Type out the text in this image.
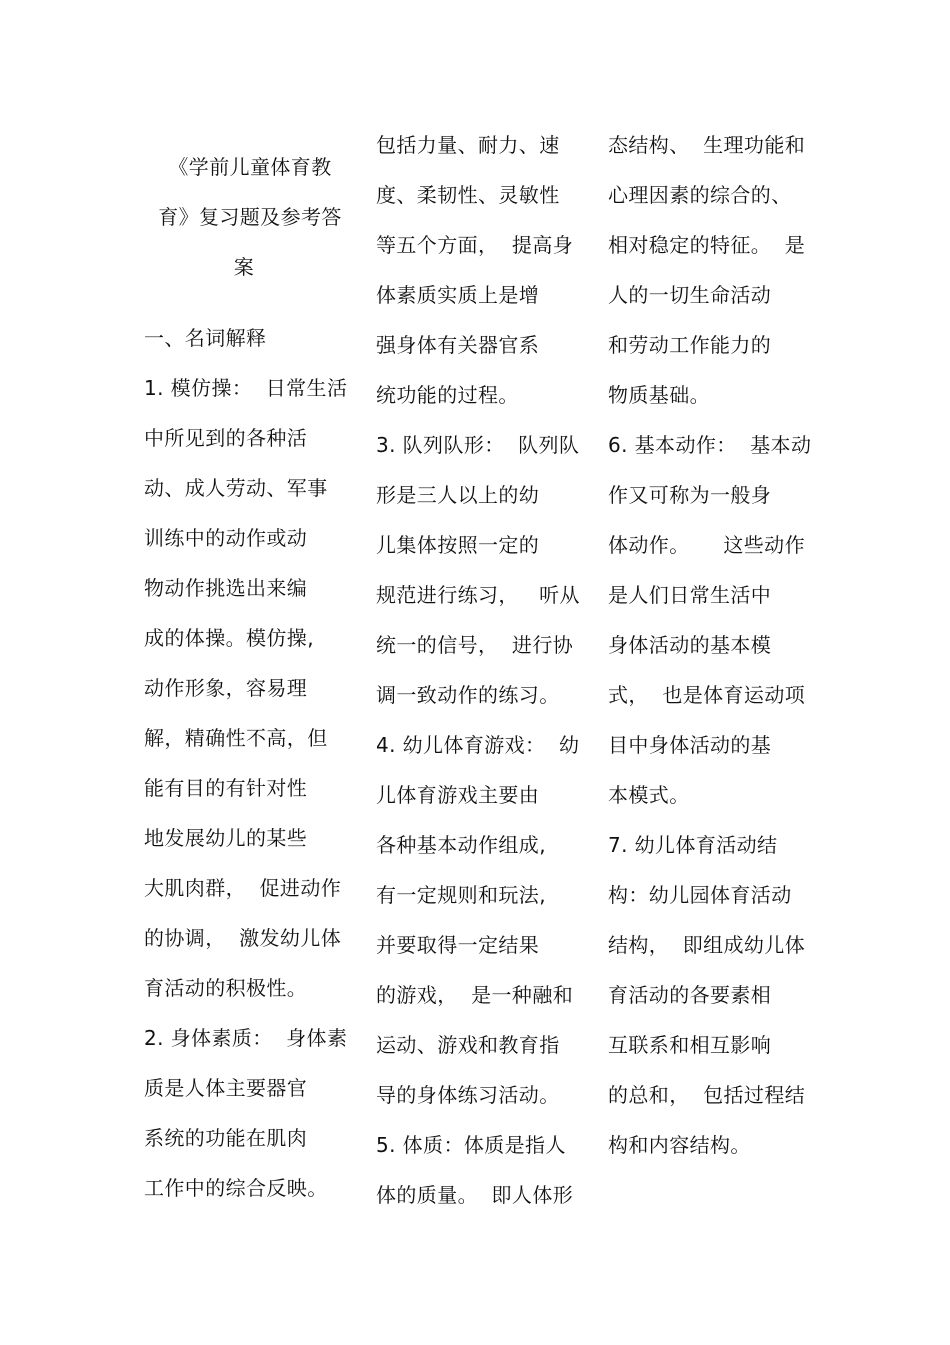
《学前儿童体育教
育》复习题及参考答
案
一、名词解释
1. 模仿操：  日常生活
中所见到的各种活
动、成人劳动、军事
训练中的动作或动
物动作挑选出来编
成的体操。模仿操,
动作形象，容易理
解，精确性不高，但
能有目的有针对性
地发展幼儿的某些
大肌肉群，  促进动作
的协调，  激发幼儿体
育活动的积极性。
2. 身体素质：  身体素
质是人体主要器官
系统的功能在肌肉
工作中的综合反映。
包括力量、耐力、速
度、柔韧性、灵敏性
等五个方面，  提高身
体素质实质上是增
强身体有关器官系
统功能的过程。
3. 队列队形：  队列队
形是三人以上的幼
儿集体按照一定的
规范进行练习，   听从
统一的信号，  进行协
调一致动作的练习。
4. 幼儿体育游戏：  幼
儿体育游戏主要由
各种基本动作组成,
有一定规则和玩法,
并要取得一定结果
的游戏，  是一种融和
运动、游戏和教育指
导的身体练习活动。
5. 体质：体质是指人
体的质量。  即人体形
态结构、  生理功能和
心理因素的综合的、
相对稳定的特征。  是
人的一切生命活动
和劳动工作能力的
物质基础。
6. 基本动作：  基本动
作又可称为一般身
体动作。     这些动作
是人们日常生活中
身体活动的基本模
式，  也是体育运动项
目中身体活动的基
本模式。
7. 幼儿体育活动结
构：幼儿园体育活动
结构，  即组成幼儿体
育活动的各要素相
互联系和相互影响
的总和，  包括过程结
构和内容结构。
